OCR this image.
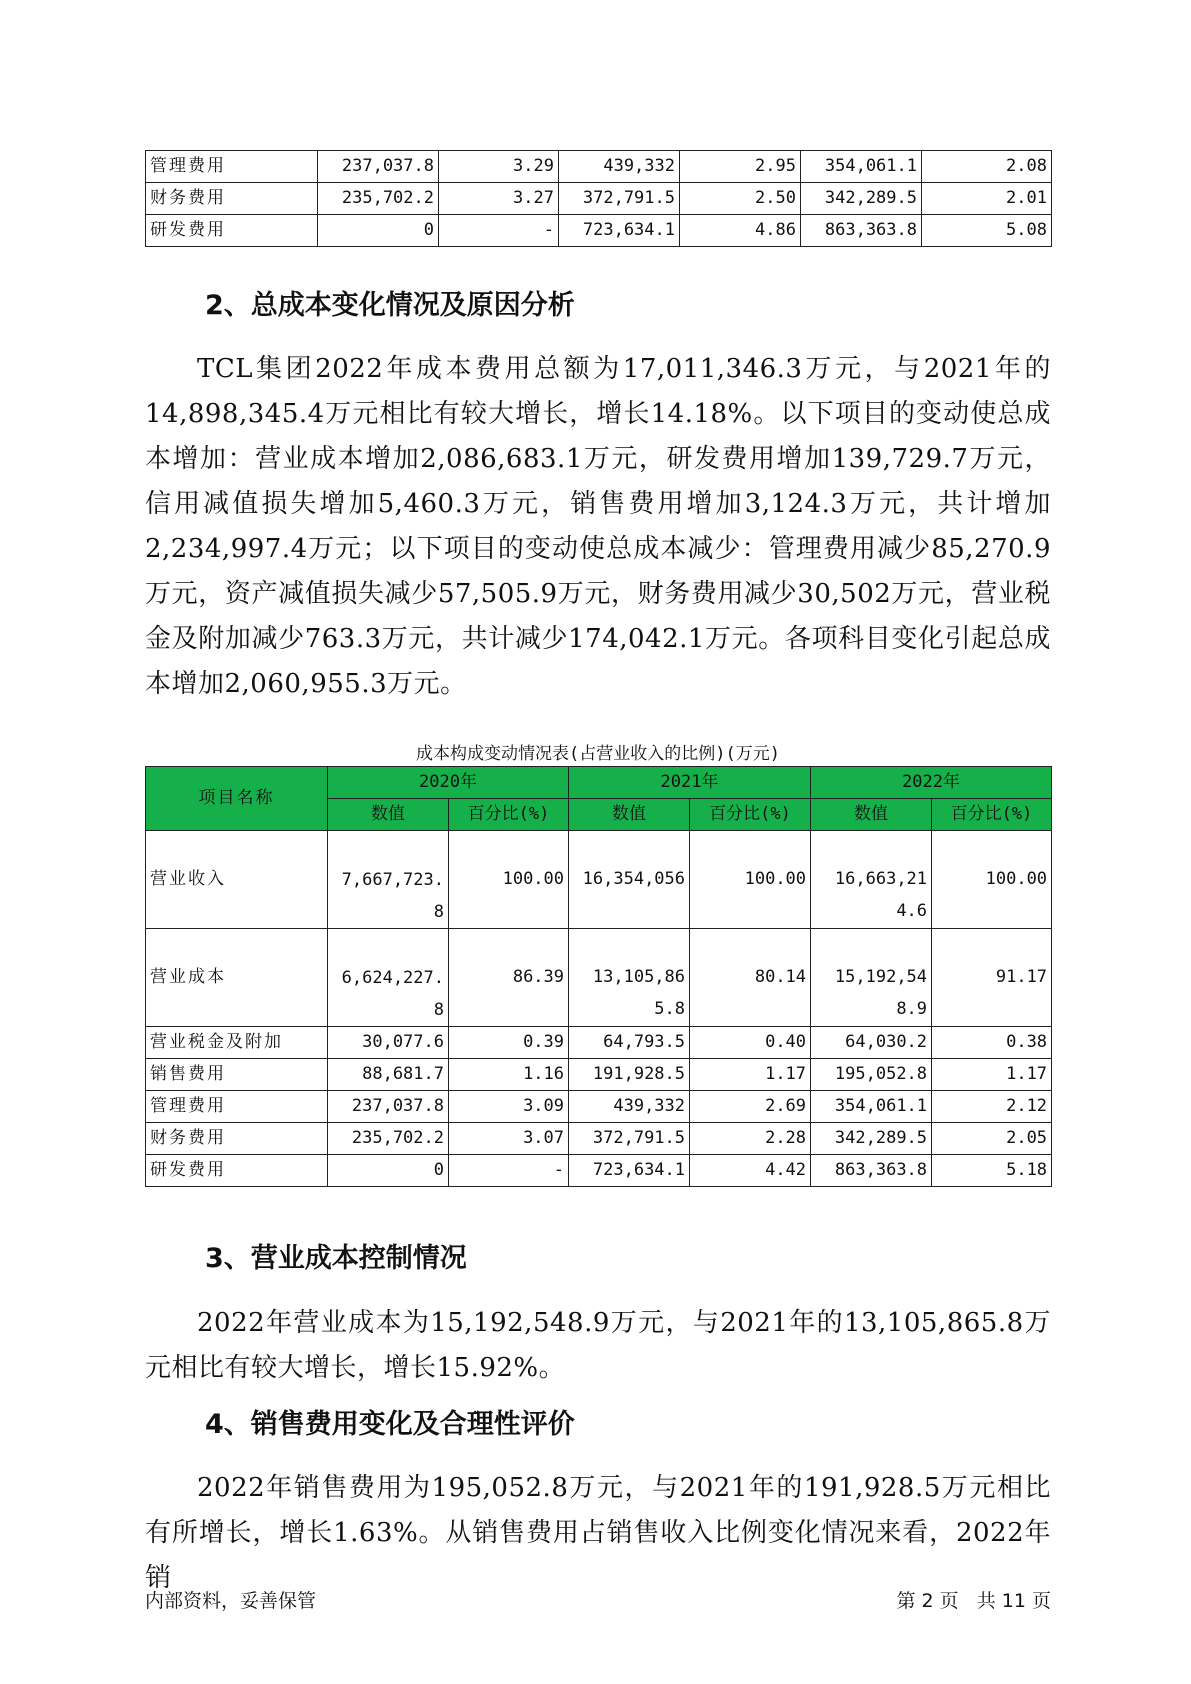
管理费用	237,037.8	3.29	439,332	2.95	354,061.1	2.08
财务费用	235,702.2	3.27	372,791.5	2.50	342,289.5	2.01
研发费用	0	-	723,634.1	4.86	863,363.8	5.08
2、总成本变化情况及原因分析

TCL集团2022年成本费用总额为17,011,346.3万元，与2021年的14,898,345.4万元相比有较大增长，增长14.18%。以下项目的变动使总成本增加：营业成本增加2,086,683.1万元，研发费用增加139,729.7万元，信用减值损失增加5,460.3万元，销售费用增加3,124.3万元，共计增加2,234,997.4万元；以下项目的变动使总成本减少：管理费用减少85,270.9万元，资产减值损失减少57,505.9万元，财务费用减少30,502万元，营业税金及附加减少763.3万元，共计减少174,042.1万元。各项科目变化引起总成本增加2,060,955.3万元。

成本构成变动情况表(占营业收入的比例)(万元)

项目名称	2020年		2021年		2022年	
	数值	百分比(%)	数值	百分比(%)	数值	百分比(%)
营业收入	7,667,723.8	100.00	16,354,056	100.00	16,663,214.6	100.00
营业成本	6,624,227.8	86.39	13,105,865.8	80.14	15,192,548.9	91.17
营业税金及附加	30,077.6	0.39	64,793.5	0.40	64,030.2	0.38
销售费用	88,681.7	1.16	191,928.5	1.17	195,052.8	1.17
管理费用	237,037.8	3.09	439,332	2.69	354,061.1	2.12
财务费用	235,702.2	3.07	372,791.5	2.28	342,289.5	2.05
研发费用	0	-	723,634.1	4.42	863,363.8	5.18
3、营业成本控制情况

2022年营业成本为15,192,548.9万元，与2021年的13,105,865.8万元相比有较大增长，增长15.92%。

4、销售费用变化及合理性评价

2022年销售费用为195,052.8万元，与2021年的191,928.5万元相比有所增长，增长1.63%。从销售费用占销售收入比例变化情况来看，2022年销

内部资料，妥善保管	第 2 页   共 11 页
